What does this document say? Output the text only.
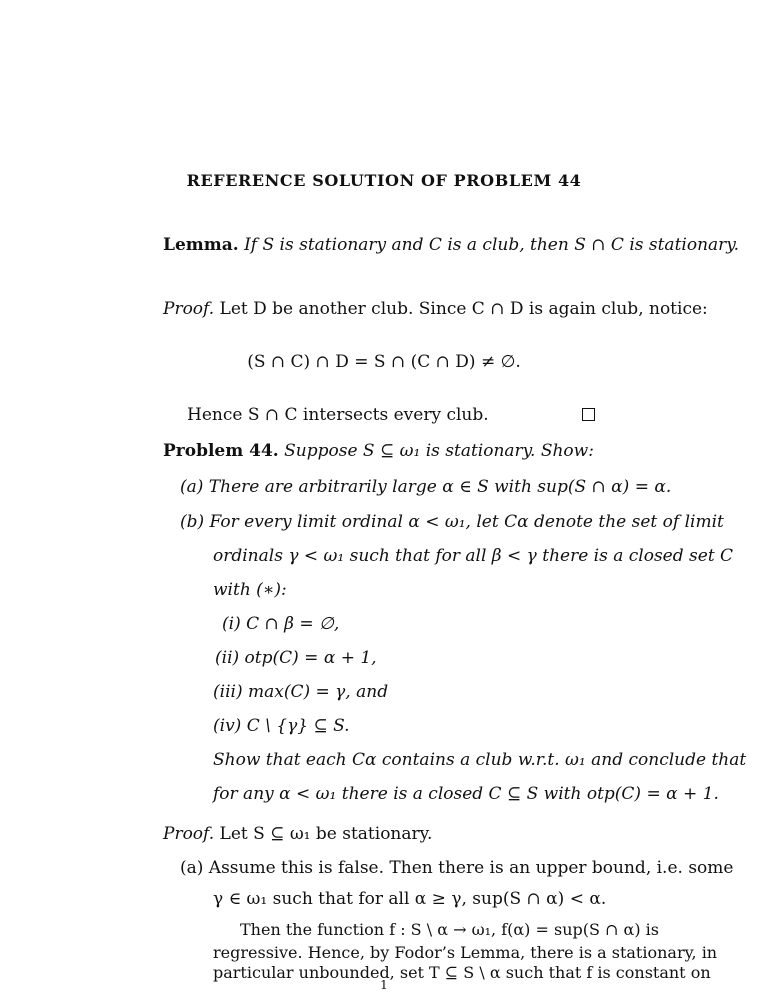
REFERENCE SOLUTION OF PROBLEM 44
Lemma. If S is stationary and C is a club, then S ∩ C is stationary.
Proof. Let D be another club. Since C ∩ D is again club, notice:
(S ∩ C) ∩ D = S ∩ (C ∩ D) ≠ ∅.
Hence S ∩ C intersects every club.
Problem 44. Suppose S ⊆ ω₁ is stationary. Show:
(a) There are arbitrarily large α ∈ S with sup(S ∩ α) = α.
(b) For every limit ordinal α < ω₁, let Cα denote the set of limit
ordinals γ < ω₁ such that for all β < γ there is a closed set C
with (∗):
(i) C ∩ β = ∅,
(ii) otp(C) = α + 1,
(iii) max(C) = γ, and
(iv) C \ {γ} ⊆ S.
Show that each Cα contains a club w.r.t. ω₁ and conclude that
for any α < ω₁ there is a closed C ⊆ S with otp(C) = α + 1.
Proof. Let S ⊆ ω₁ be stationary.
(a) Assume this is false. Then there is an upper bound, i.e. some
γ ∈ ω₁ such that for all α ≥ γ, sup(S ∩ α) < α.
Then the function f : S \ α → ω₁, f(α) = sup(S ∩ α) is
regressive. Hence, by Fodor’s Lemma, there is a stationary, in
particular unbounded, set T ⊆ S \ α such that f is constant on
1
